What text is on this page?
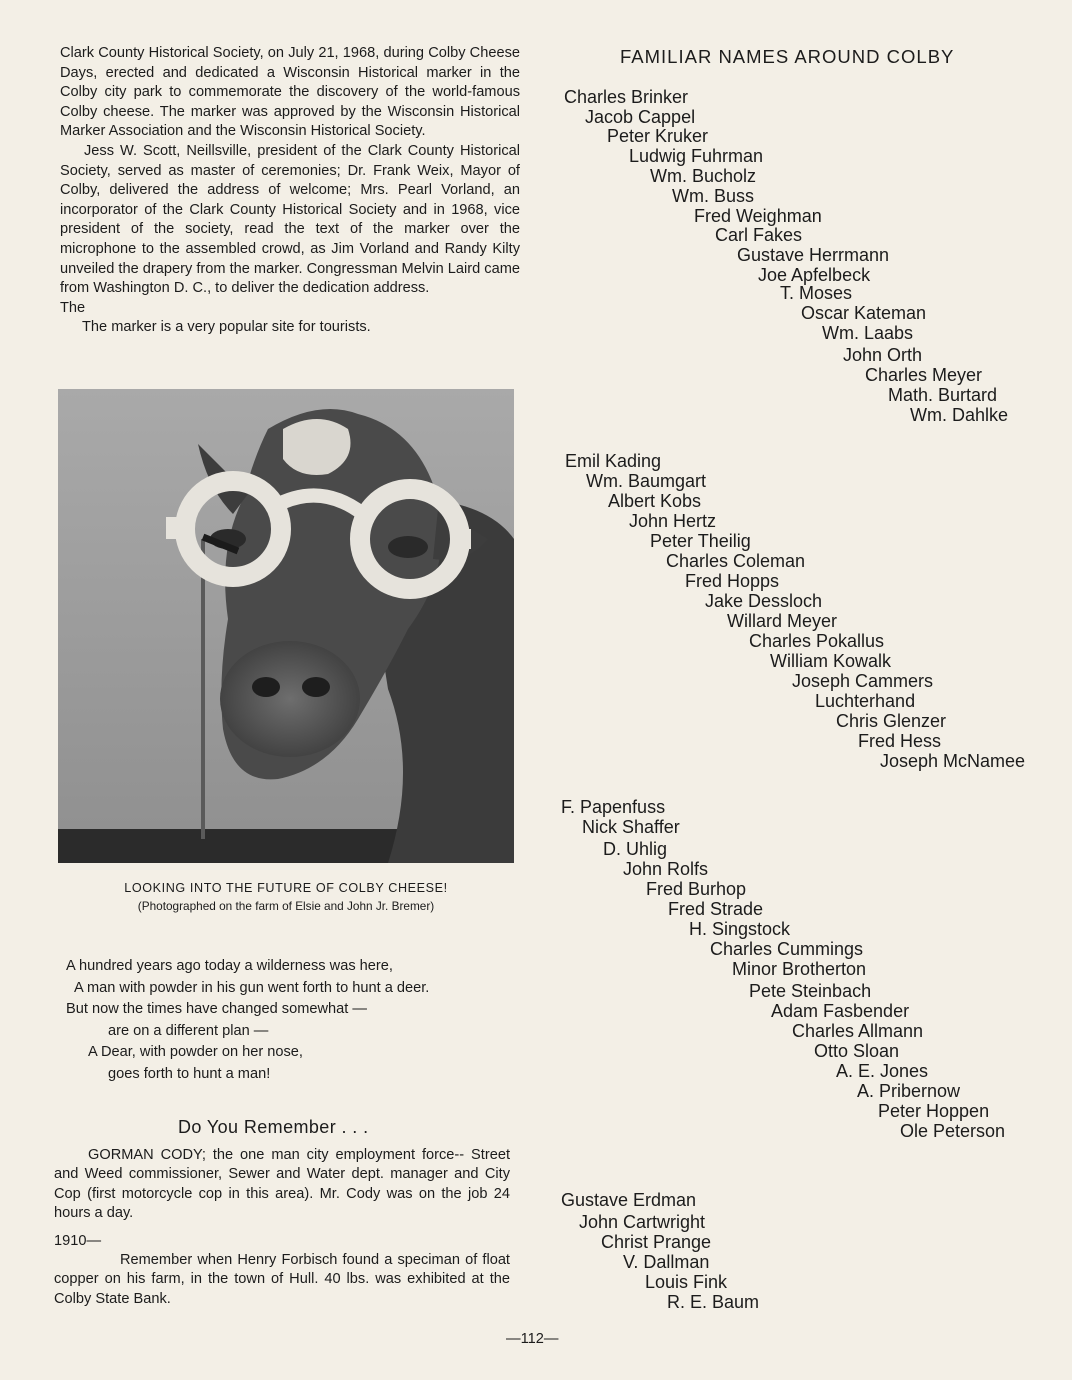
Clark County Historical Society, on July 21, 1968, during Colby Cheese Days, erected and dedicated a Wisconsin Historical marker in the Colby city park to commemorate the discovery of the world-famous Colby cheese. The marker was approved by the Wisconsin Historical Marker Association and the Wisconsin Historical Society.

Jess W. Scott, Neillsville, president of the Clark County Historical Society, served as master of ceremonies; Dr. Frank Weix, Mayor of Colby, delivered the address of welcome; Mrs. Pearl Vorland, an incorporator of the Clark County Historical Society and in 1968, vice president of the society, read the text of the marker over the microphone to the assembled crowd, as Jim Vorland and Randy Kilty unveiled the drapery from the marker. Congressman Melvin Laird came from Washington D. C., to deliver the dedication address.

The
The marker is a very popular site for tourists.
LOOKING INTO THE FUTURE OF COLBY CHEESE!
(Photographed on the farm of Elsie and John Jr. Bremer)
A hundred years ago today a wilderness was here,
A man with powder in his gun went forth to hunt a deer.
But now the times have changed somewhat —
are on a different plan —
A Dear, with powder on her nose,
goes forth to hunt a man!
Do You Remember . . .

GORMAN CODY; the one man city employment force-- Street and Weed commissioner, Sewer and Water dept. manager and City Cop (first motorcycle cop in this area). Mr. Cody was on the job 24 hours a day.

1910—

Remember when Henry Forbisch found a speciman of float copper on his farm, in the town of Hull. 40 lbs. was exhibited at the Colby State Bank.

FAMILIAR NAMES AROUND COLBY
Charles Brinker
Jacob Cappel
Peter Kruker
Ludwig Fuhrman
Wm. Bucholz
Wm. Buss
Fred Weighman
Carl Fakes
Gustave Herrmann
Joe Apfelbeck
T. Moses
Oscar Kateman
Wm. Laabs
John Orth
Charles Meyer
Math. Burtard
Wm. Dahlke
Emil Kading
Wm. Baumgart
Albert Kobs
John Hertz
Peter Theilig
Charles Coleman
Fred Hopps
Jake Dessloch
Willard Meyer
Charles Pokallus
William Kowalk
Joseph Cammers
Luchterhand
Chris Glenzer
Fred Hess
Joseph McNamee
F. Papenfuss
Nick Shaffer
D. Uhlig
John Rolfs
Fred Burhop
Fred Strade
H. Singstock
Charles Cummings
Minor Brotherton
Pete Steinbach
Adam Fasbender
Charles Allmann
Otto Sloan
A. E. Jones
A. Pribernow
Peter Hoppen
Ole Peterson
Gustave Erdman
John Cartwright
Christ Prange
V. Dallman
Louis Fink
R. E. Baum
—112—
